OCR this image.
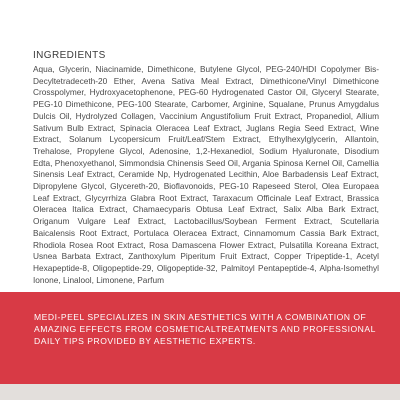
INGREDIENTS

Aqua, Glycerin, Niacinamide, Dimethicone, Butylene Glycol, PEG-240/HDI Copolymer Bis-Decyltetradeceth-20 Ether, Avena Sativa Meal Extract, Dimethicone/Vinyl Dimethicone Crosspolymer, Hydroxyacetophenone, PEG-60 Hydrogenated Castor Oil, Glyceryl Stearate, PEG-10 Dimethicone, PEG-100 Stearate, Carbomer, Arginine, Squalane, Prunus Amygdalus Dulcis Oil, Hydrolyzed Collagen, Vaccinium Angustifolium Fruit Extract, Propanediol, Allium Sativum Bulb Extract, Spinacia Oleracea Leaf Extract, Juglans Regia Seed Extract, Wine Extract, Solanum Lycopersicum Fruit/Leaf/Stem Extract, Ethylhexylglycerin, Allantoin, Trehalose, Propylene Glycol, Adenosine, 1,2-Hexanediol, Sodium Hyaluronate, Disodium Edta, Phenoxyethanol, Simmondsia Chinensis Seed Oil, Argania Spinosa Kernel Oil, Camellia Sinensis Leaf Extract, Ceramide Np, Hydrogenated Lecithin, Aloe Barbadensis Leaf Extract, Dipropylene Glycol, Glycereth-20, Bioflavonoids, PEG-10 Rapeseed Sterol, Olea Europaea Leaf Extract, Glycyrrhiza Glabra Root Extract, Taraxacum Officinale Leaf Extract, Brassica Oleracea Italica Extract, Chamaecyparis Obtusa Leaf Extract, Salix Alba Bark Extract, Origanum Vulgare Leaf Extract, Lactobacillus/Soybean Ferment Extract, Scutellaria Baicalensis Root Extract, Portulaca Oleracea Extract, Cinnamomum Cassia Bark Extract, Rhodiola Rosea Root Extract, Rosa Damascena Flower Extract, Pulsatilla Koreana Extract, Usnea Barbata Extract, Zanthoxylum Piperitum Fruit Extract, Copper Tripeptide-1, Acetyl Hexapeptide-8, Oligopeptide-29, Oligopeptide-32, Palmitoyl Pentapeptide-4, Alpha-Isomethyl Ionone, Linalool, Limonene, Parfum

MEDI-PEEL SPECIALIZES IN SKIN AESTHETICS WITH A COMBINATION OF AMAZING EFFECTS FROM COSMETICALTREATMENTS AND PROFESSIONAL DAILY TIPS PROVIDED BY AESTHETIC EXPERTS.
